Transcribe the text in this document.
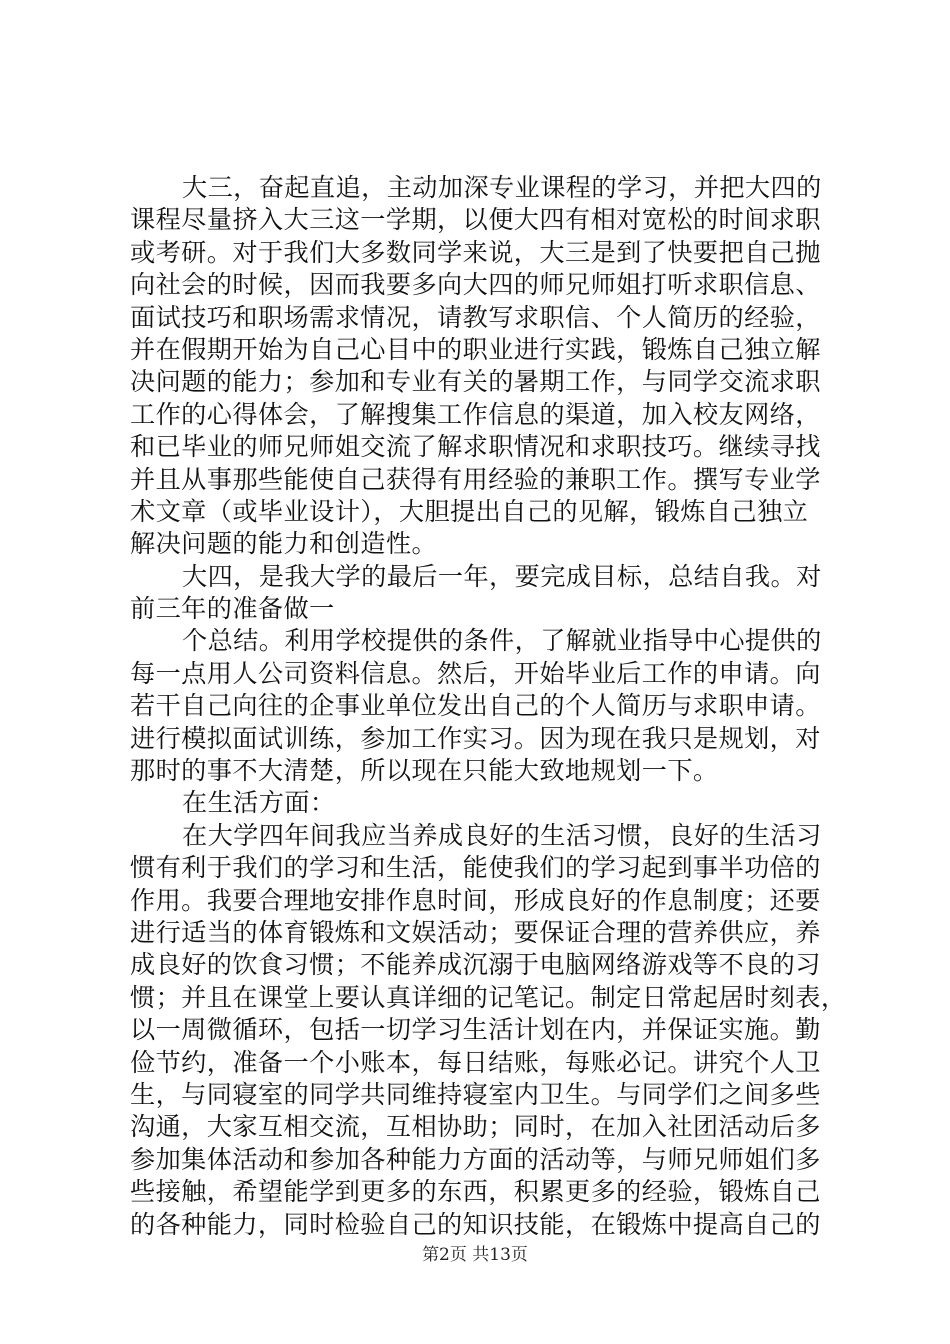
大三，奋起直追，主动加深专业课程的学习，并把大四的
课程尽量挤入大三这一学期，以便大四有相对宽松的时间求职
或考研。对于我们大多数同学来说，大三是到了快要把自己抛
向社会的时候，因而我要多向大四的师兄师姐打听求职信息、
面试技巧和职场需求情况，请教写求职信、个人简历的经验，
并在假期开始为自己心目中的职业进行实践，锻炼自己独立解
决问题的能力；参加和专业有关的暑期工作，与同学交流求职
工作的心得体会，了解搜集工作信息的渠道，加入校友网络，
和已毕业的师兄师姐交流了解求职情况和求职技巧。继续寻找
并且从事那些能使自己获得有用经验的兼职工作。撰写专业学
术文章（或毕业设计），大胆提出自己的见解，锻炼自己独立
解决问题的能力和创造性。
大四，是我大学的最后一年，要完成目标，总结自我。对
前三年的准备做一
个总结。利用学校提供的条件，了解就业指导中心提供的
每一点用人公司资料信息。然后，开始毕业后工作的申请。向
若干自己向往的企事业单位发出自己的个人简历与求职申请。
进行模拟面试训练，参加工作实习。因为现在我只是规划，对
那时的事不大清楚，所以现在只能大致地规划一下。
在生活方面：
在大学四年间我应当养成良好的生活习惯，良好的生活习
惯有利于我们的学习和生活，能使我们的学习起到事半功倍的
作用。我要合理地安排作息时间，形成良好的作息制度；还要
进行适当的体育锻炼和文娱活动；要保证合理的营养供应，养
成良好的饮食习惯；不能养成沉溺于电脑网络游戏等不良的习
惯；并且在课堂上要认真详细的记笔记。制定日常起居时刻表，
以一周微循环，包括一切学习生活计划在内，并保证实施。勤
俭节约，准备一个小账本，每日结账，每账必记。讲究个人卫
生，与同寝室的同学共同维持寝室内卫生。与同学们之间多些
沟通，大家互相交流，互相协助；同时，在加入社团活动后多
参加集体活动和参加各种能力方面的活动等，与师兄师姐们多
些接触，希望能学到更多的东西，积累更多的经验，锻炼自己
的各种能力，同时检验自己的知识技能，在锻炼中提高自己的
第2页 共13页
